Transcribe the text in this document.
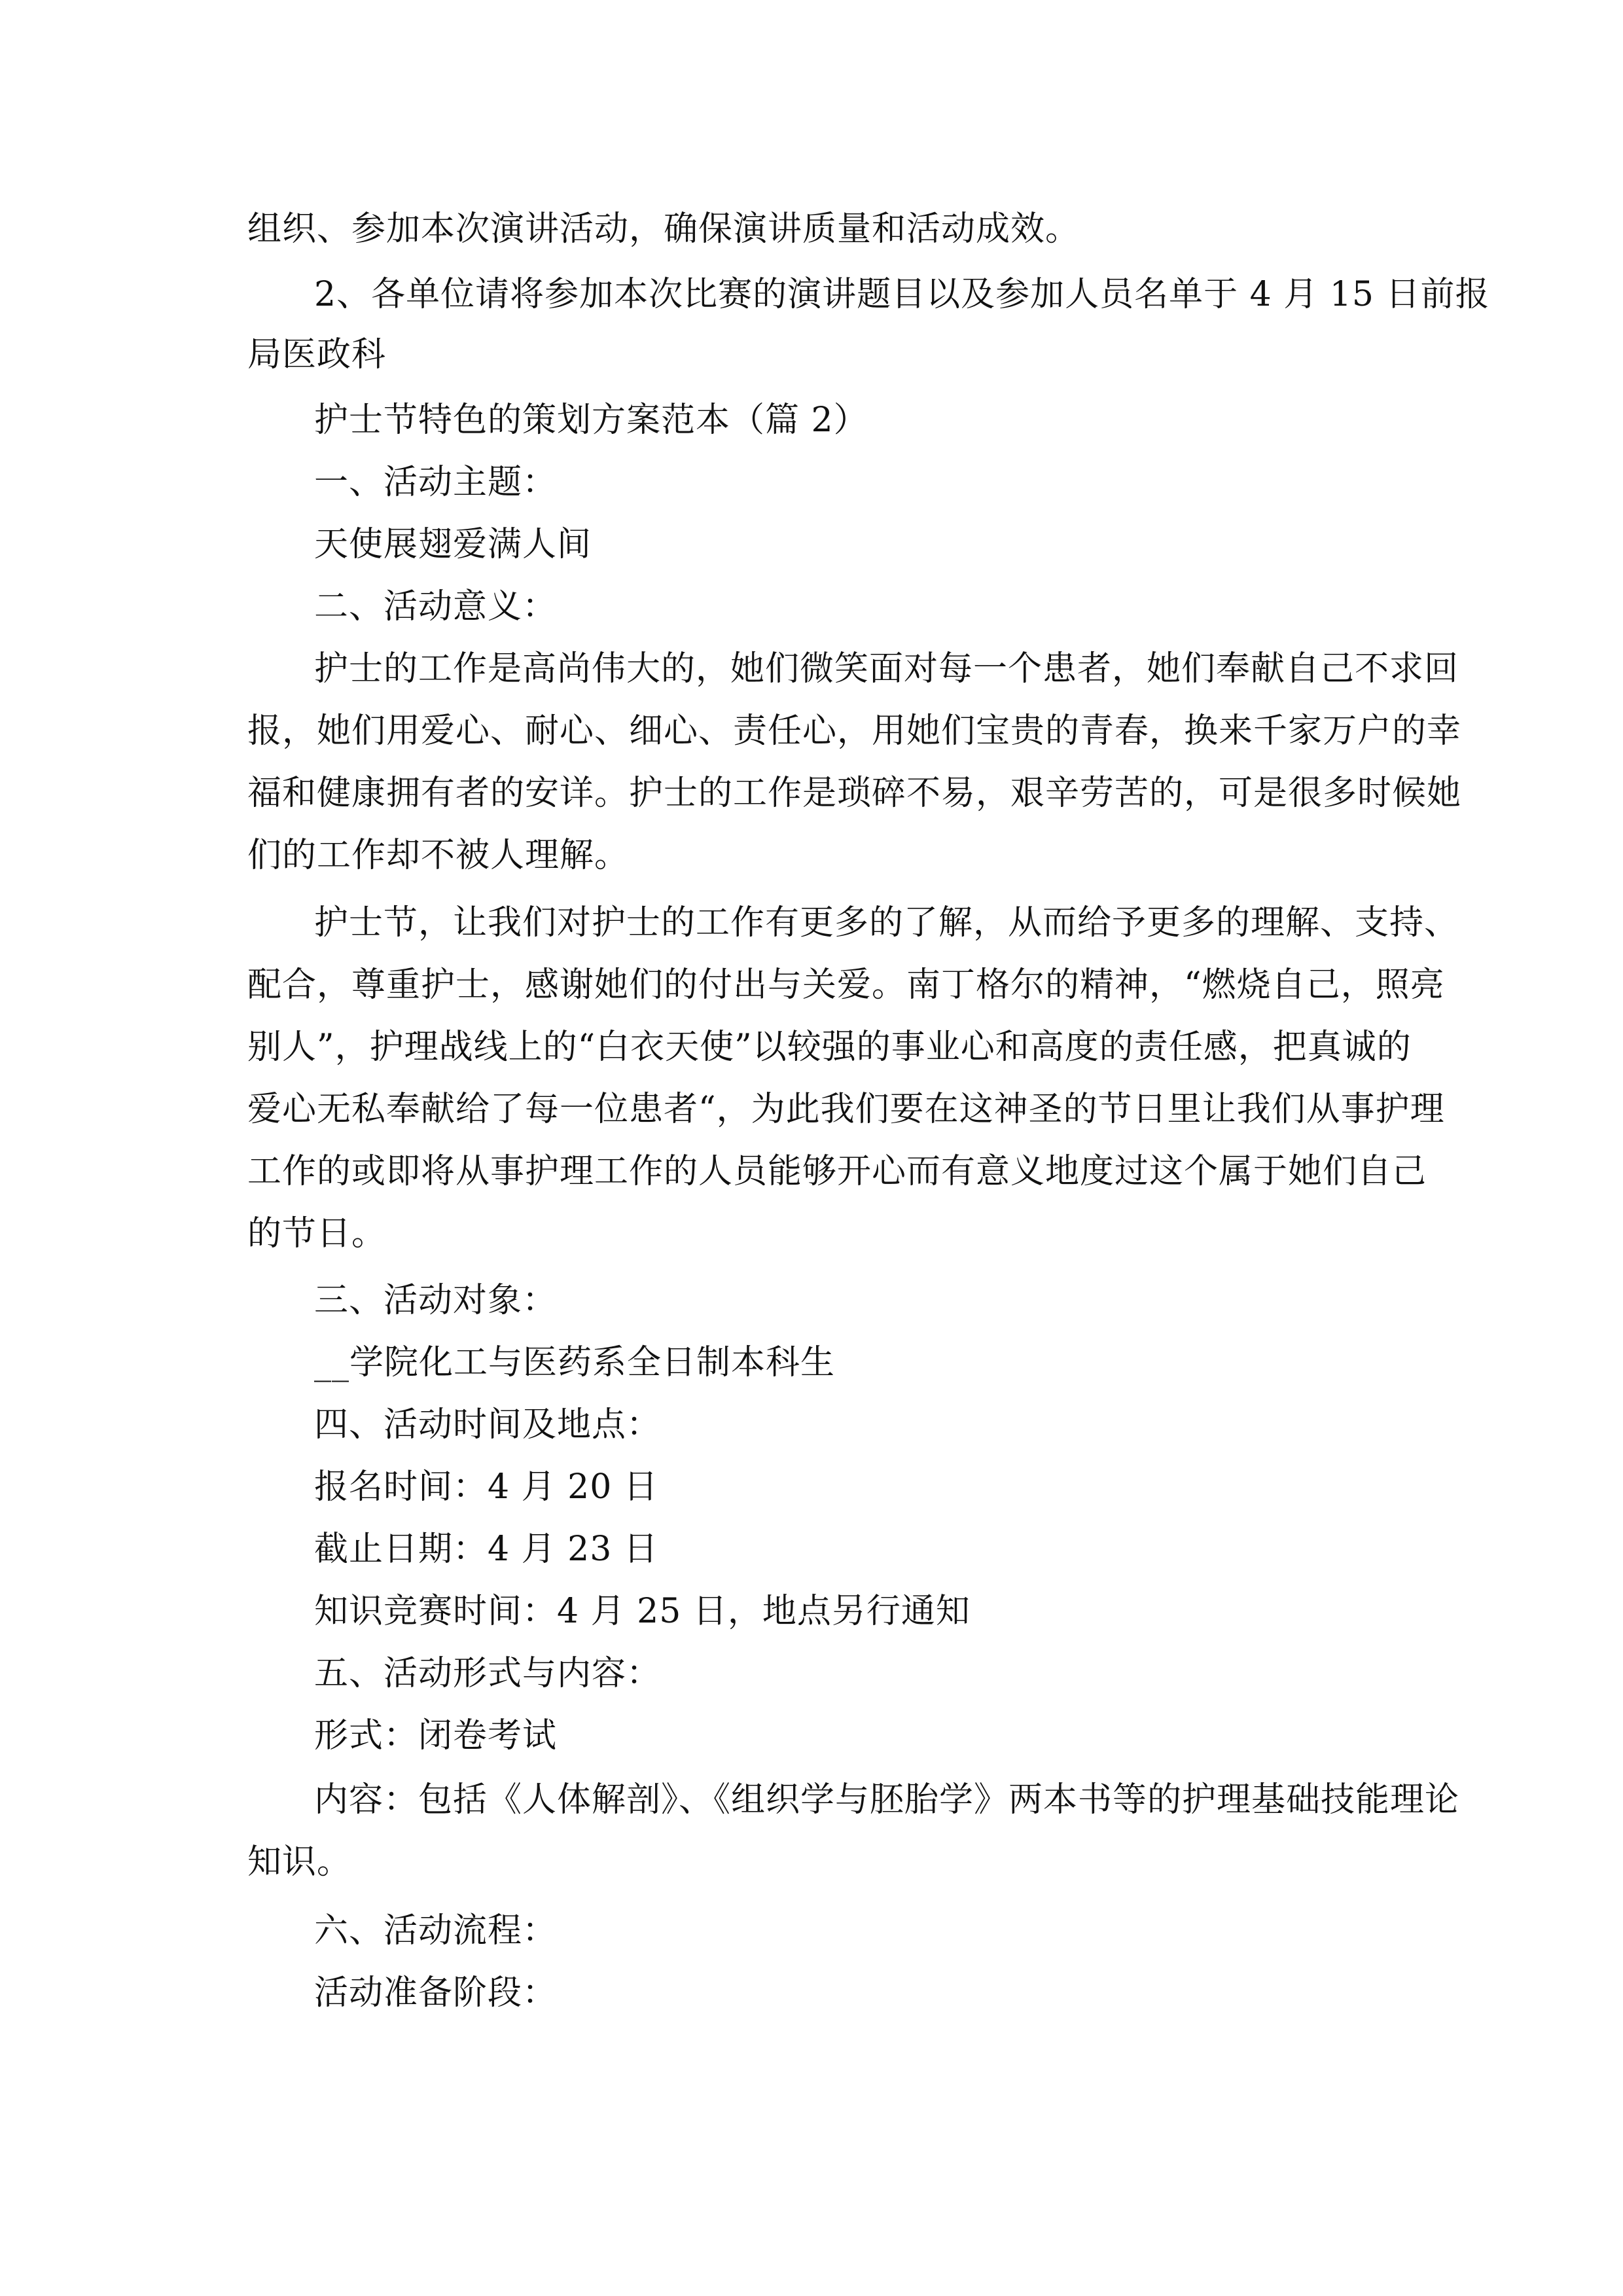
组织、参加本次演讲活动，确保演讲质量和活动成效。
2、各单位请将参加本次比赛的演讲题目以及参加人员名单于 4 月 15 日前报
局医政科
护士节特色的策划方案范本（篇 2）
一、活动主题：
天使展翅爱满人间
二、活动意义：
护士的工作是高尚伟大的，她们微笑面对每一个患者，她们奉献自己不求回
报，她们用爱心、耐心、细心、责任心，用她们宝贵的青春，换来千家万户的幸
福和健康拥有者的安详。护士的工作是琐碎不易，艰辛劳苦的，可是很多时候她
们的工作却不被人理解。
护士节，让我们对护士的工作有更多的了解，从而给予更多的理解、支持、
配合，尊重护士，感谢她们的付出与关爱。南丁格尔的精神，“燃烧自己，照亮
别人”，护理战线上的“白衣天使”以较强的事业心和高度的责任感，把真诚的
爱心无私奉献给了每一位患者“，为此我们要在这神圣的节日里让我们从事护理
工作的或即将从事护理工作的人员能够开心而有意义地度过这个属于她们自己
的节日。
三、活动对象：
__学院化工与医药系全日制本科生
四、活动时间及地点：
报名时间：4 月 20 日
截止日期：4 月 23 日
知识竞赛时间：4 月 25 日，地点另行通知
五、活动形式与内容：
形式：闭卷考试
内容：包括《人体解剖》、《组织学与胚胎学》两本书等的护理基础技能理论
知识。
六、活动流程：
活动准备阶段：
